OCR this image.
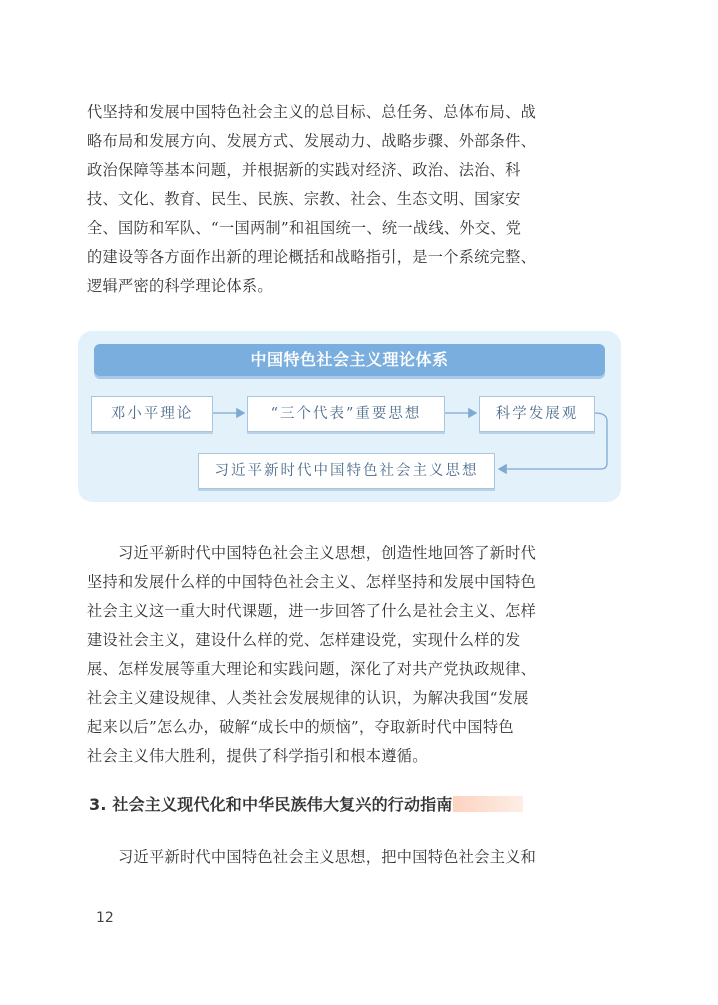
代坚持和发展中国特色社会主义的总目标、总任务、总体布局、战
略布局和发展方向、发展方式、发展动力、战略步骤、外部条件、
政治保障等基本问题，并根据新的实践对经济、政治、法治、科
技、文化、教育、民生、民族、宗教、社会、生态文明、国家安
全、国防和军队、“一国两制”和祖国统一、统一战线、外交、党
的建设等各方面作出新的理论概括和战略指引，是一个系统完整、
逻辑严密的科学理论体系。
中国特色社会主义理论体系
邓小平理论	“三个代表”重要思想	科学发展观
习近平新时代中国特色社会主义思想
习近平新时代中国特色社会主义思想，创造性地回答了新时代
坚持和发展什么样的中国特色社会主义、怎样坚持和发展中国特色
社会主义这一重大时代课题，进一步回答了什么是社会主义、怎样
建设社会主义，建设什么样的党、怎样建设党，实现什么样的发
展、怎样发展等重大理论和实践问题，深化了对共产党执政规律、
社会主义建设规律、人类社会发展规律的认识，为解决我国“发展
起来以后”怎么办，破解“成长中的烦恼”，夺取新时代中国特色
社会主义伟大胜利，提供了科学指引和根本遵循。
3. 社会主义现代化和中华民族伟大复兴的行动指南
习近平新时代中国特色社会主义思想，把中国特色社会主义和
12
